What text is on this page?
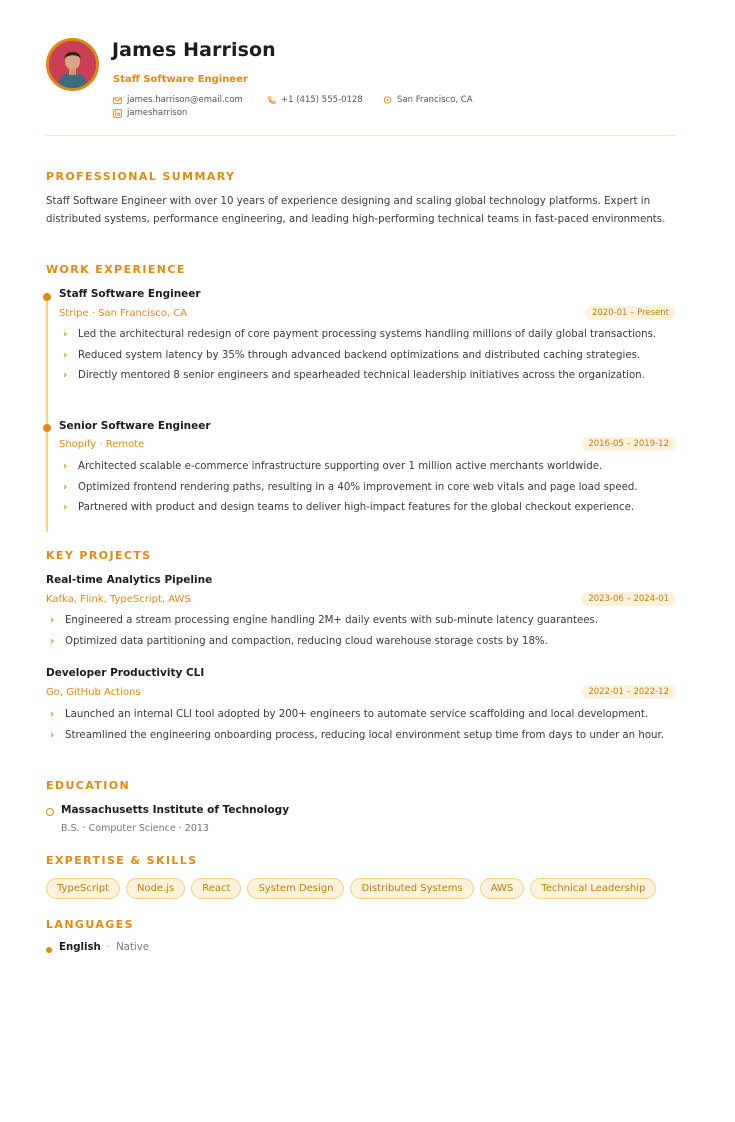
James Harrison
Staff Software Engineer
james.harrison@email.com ·	+1 (415) 555-0128 ·	San Francisco, CA
jamesharrison
PROFESSIONAL SUMMARY
Staff Software Engineer with over 10 years of experience designing and scaling global technology platforms. Expert in distributed systems, performance engineering, and leading high-performing technical teams in fast-paced environments.
WORK EXPERIENCE
Staff Software Engineer
Stripe · San Francisco, CA	2020-01 – Present
› Led the architectural redesign of core payment processing systems handling millions of daily global transactions.
› Reduced system latency by 35% through advanced backend optimizations and distributed caching strategies.
› Directly mentored 8 senior engineers and spearheaded technical leadership initiatives across the organization.
Senior Software Engineer
Shopify · Remote	2016-05 – 2019-12
› Architected scalable e-commerce infrastructure supporting over 1 million active merchants worldwide.
› Optimized frontend rendering paths, resulting in a 40% improvement in core web vitals and page load speed.
› Partnered with product and design teams to deliver high-impact features for the global checkout experience.
KEY PROJECTS
Real-time Analytics Pipeline
Kafka, Flink, TypeScript, AWS	2023-06 – 2024-01
› Engineered a stream processing engine handling 2M+ daily events with sub-minute latency guarantees.
› Optimized data partitioning and compaction, reducing cloud warehouse storage costs by 18%.
Developer Productivity CLI
Go, GitHub Actions	2022-01 – 2022-12
› Launched an internal CLI tool adopted by 200+ engineers to automate service scaffolding and local development.
› Streamlined the engineering onboarding process, reducing local environment setup time from days to under an hour.
EDUCATION
Massachusetts Institute of Technology
B.S. · Computer Science · 2013
EXPERTISE & SKILLS
TypeScript	Node.js	React	System Design	Distributed Systems	AWS	Technical Leadership
LANGUAGES
English · Native
